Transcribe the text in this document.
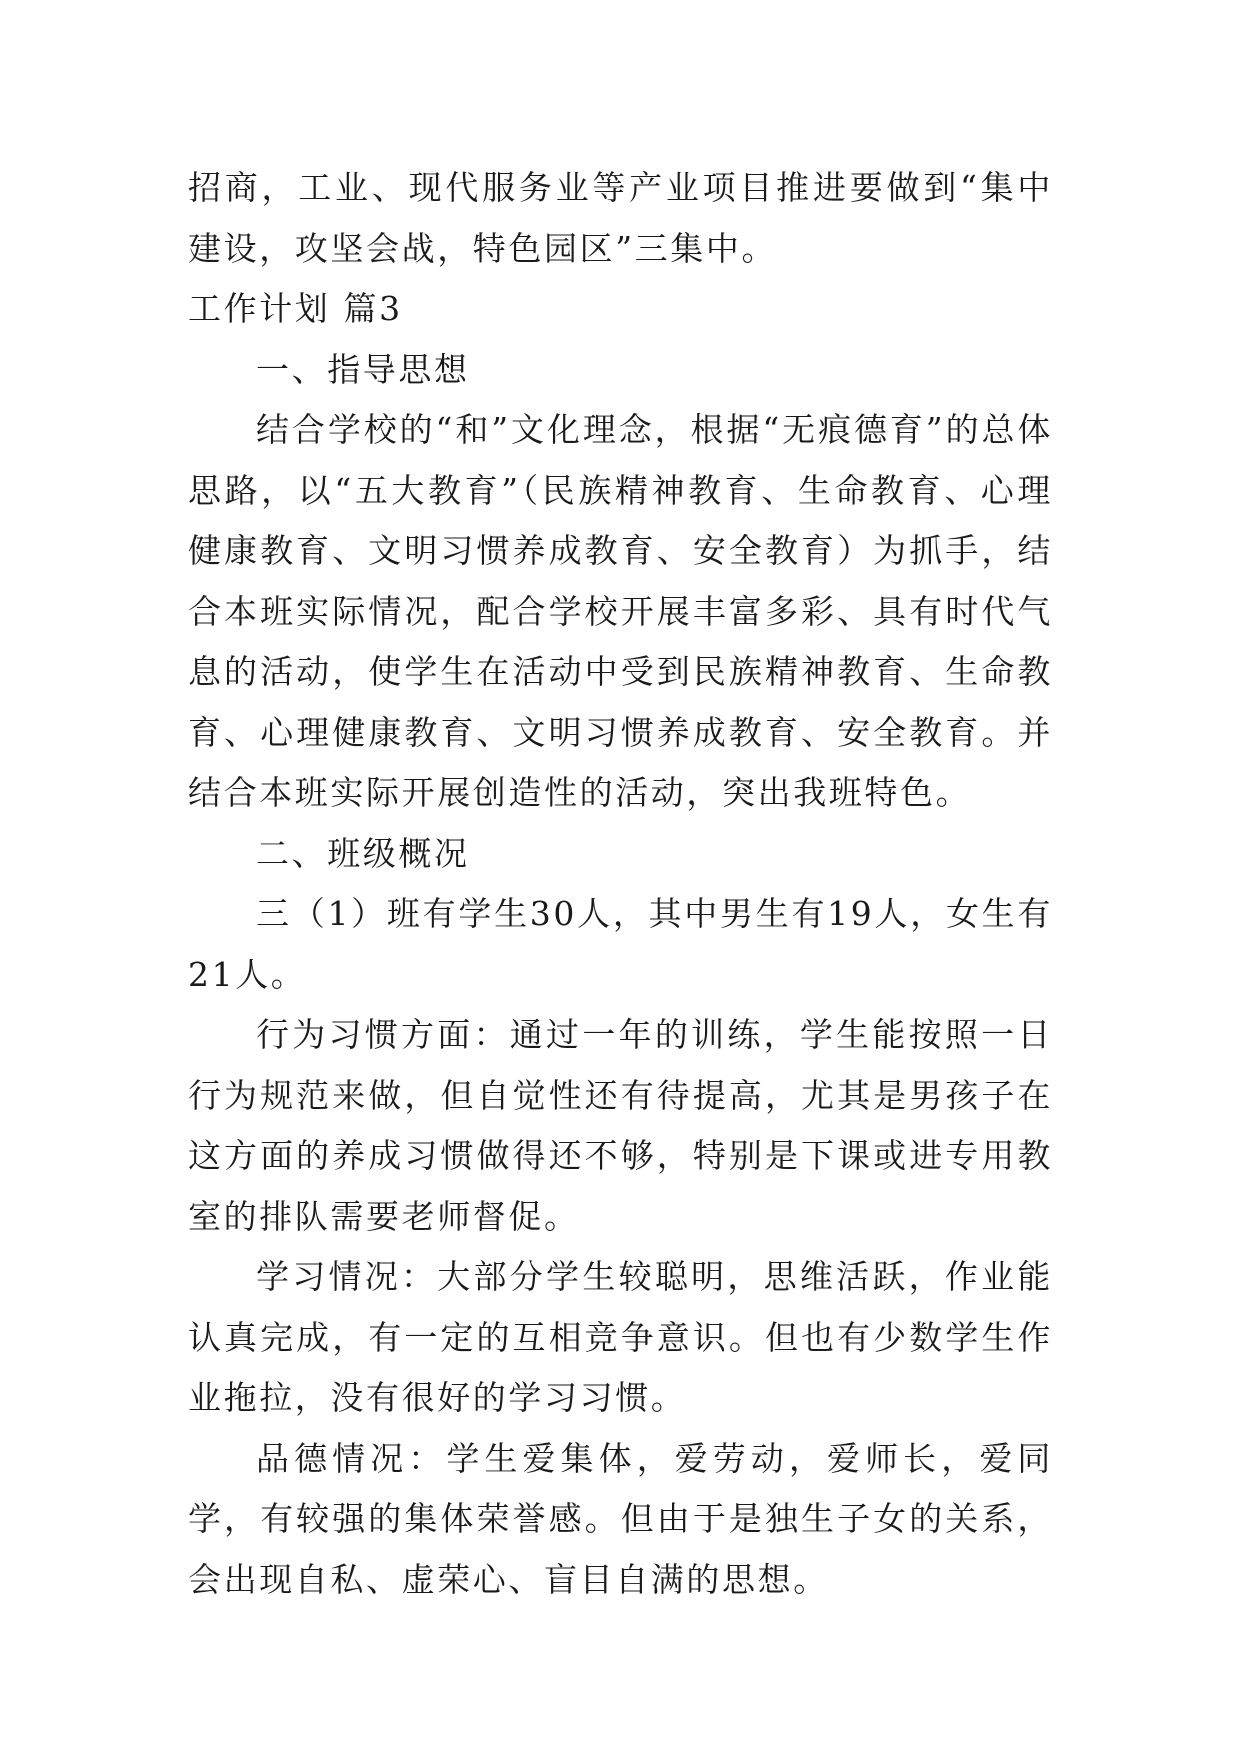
招商，工业、现代服务业等产业项目推进要做到“集中建设，攻坚会战，特色园区”三集中。

工作计划 篇3

一、指导思想

结合学校的“和”文化理念，根据“无痕德育”的总体思路，以“五大教育”（民族精神教育、生命教育、心理健康教育、文明习惯养成教育、安全教育）为抓手，结合本班实际情况，配合学校开展丰富多彩、具有时代气息的活动，使学生在活动中受到民族精神教育、生命教育、心理健康教育、文明习惯养成教育、安全教育。并结合本班实际开展创造性的活动，突出我班特色。

二、班级概况

三（1）班有学生30人，其中男生有19人，女生有21人。

行为习惯方面：通过一年的训练，学生能按照一日行为规范来做，但自觉性还有待提高，尤其是男孩子在这方面的养成习惯做得还不够，特别是下课或进专用教室的排队需要老师督促。

学习情况：大部分学生较聪明，思维活跃，作业能认真完成，有一定的互相竞争意识。但也有少数学生作业拖拉，没有很好的学习习惯。

品德情况：学生爱集体，爱劳动，爱师长，爱同学，有较强的集体荣誉感。但由于是独生子女的关系，会出现自私、虚荣心、盲目自满的思想。
